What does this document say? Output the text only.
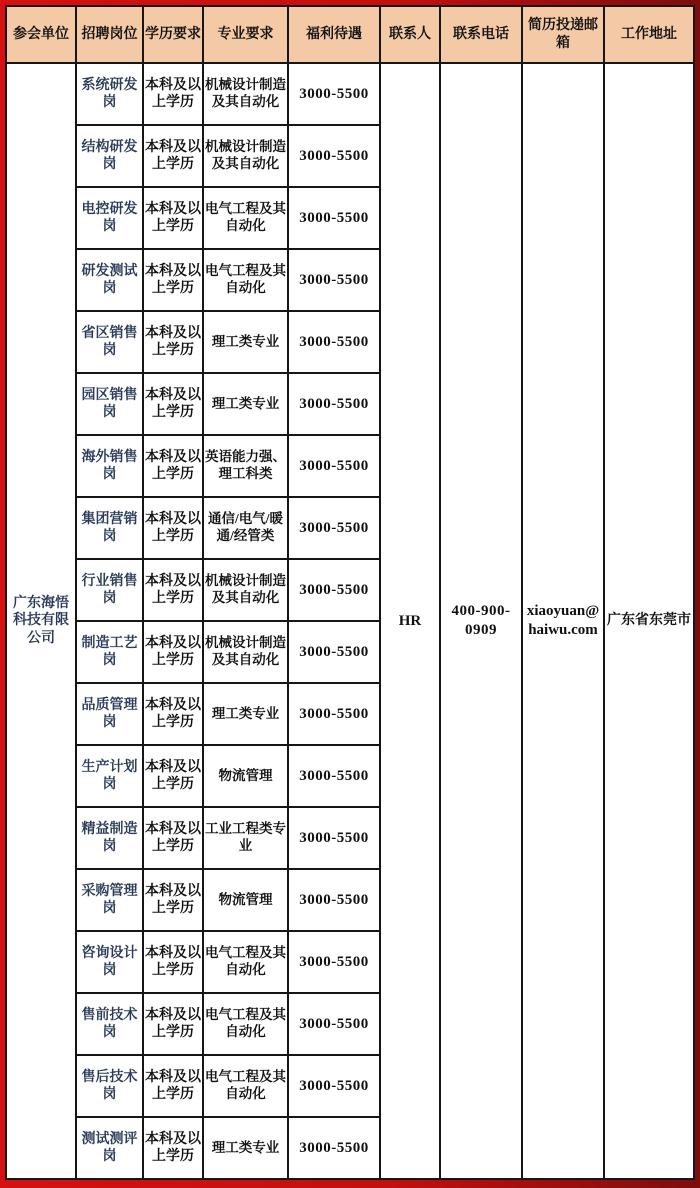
参会单位	招聘岗位	学历要求	专业要求	福利待遇	联系人	联系电话	简历投递邮箱	工作地址
广东海悟科技有限公司	系统研发岗	本科及以上学历	机械设计制造及其自动化	3000-5500	HR	400-900-0909	xiaoyuan@haiwu.com	广东省东莞市
	结构研发岗	本科及以上学历	机械设计制造及其自动化	3000-5500				
	电控研发岗	本科及以上学历	电气工程及其自动化	3000-5500				
	研发测试岗	本科及以上学历	电气工程及其自动化	3000-5500				
	省区销售岗	本科及以上学历	理工类专业	3000-5500				
	园区销售岗	本科及以上学历	理工类专业	3000-5500				
	海外销售岗	本科及以上学历	英语能力强、理工科类	3000-5500				
	集团营销岗	本科及以上学历	通信/电气/暖通/经管类	3000-5500				
	行业销售岗	本科及以上学历	机械设计制造及其自动化	3000-5500				
	制造工艺岗	本科及以上学历	机械设计制造及其自动化	3000-5500				
	品质管理岗	本科及以上学历	理工类专业	3000-5500				
	生产计划岗	本科及以上学历	物流管理	3000-5500				
	精益制造岗	本科及以上学历	工业工程类专业	3000-5500				
	采购管理岗	本科及以上学历	物流管理	3000-5500				
	咨询设计岗	本科及以上学历	电气工程及其自动化	3000-5500				
	售前技术岗	本科及以上学历	电气工程及其自动化	3000-5500				
	售后技术岗	本科及以上学历	电气工程及其自动化	3000-5500				
	测试测评岗	本科及以上学历	理工类专业	3000-5500				
